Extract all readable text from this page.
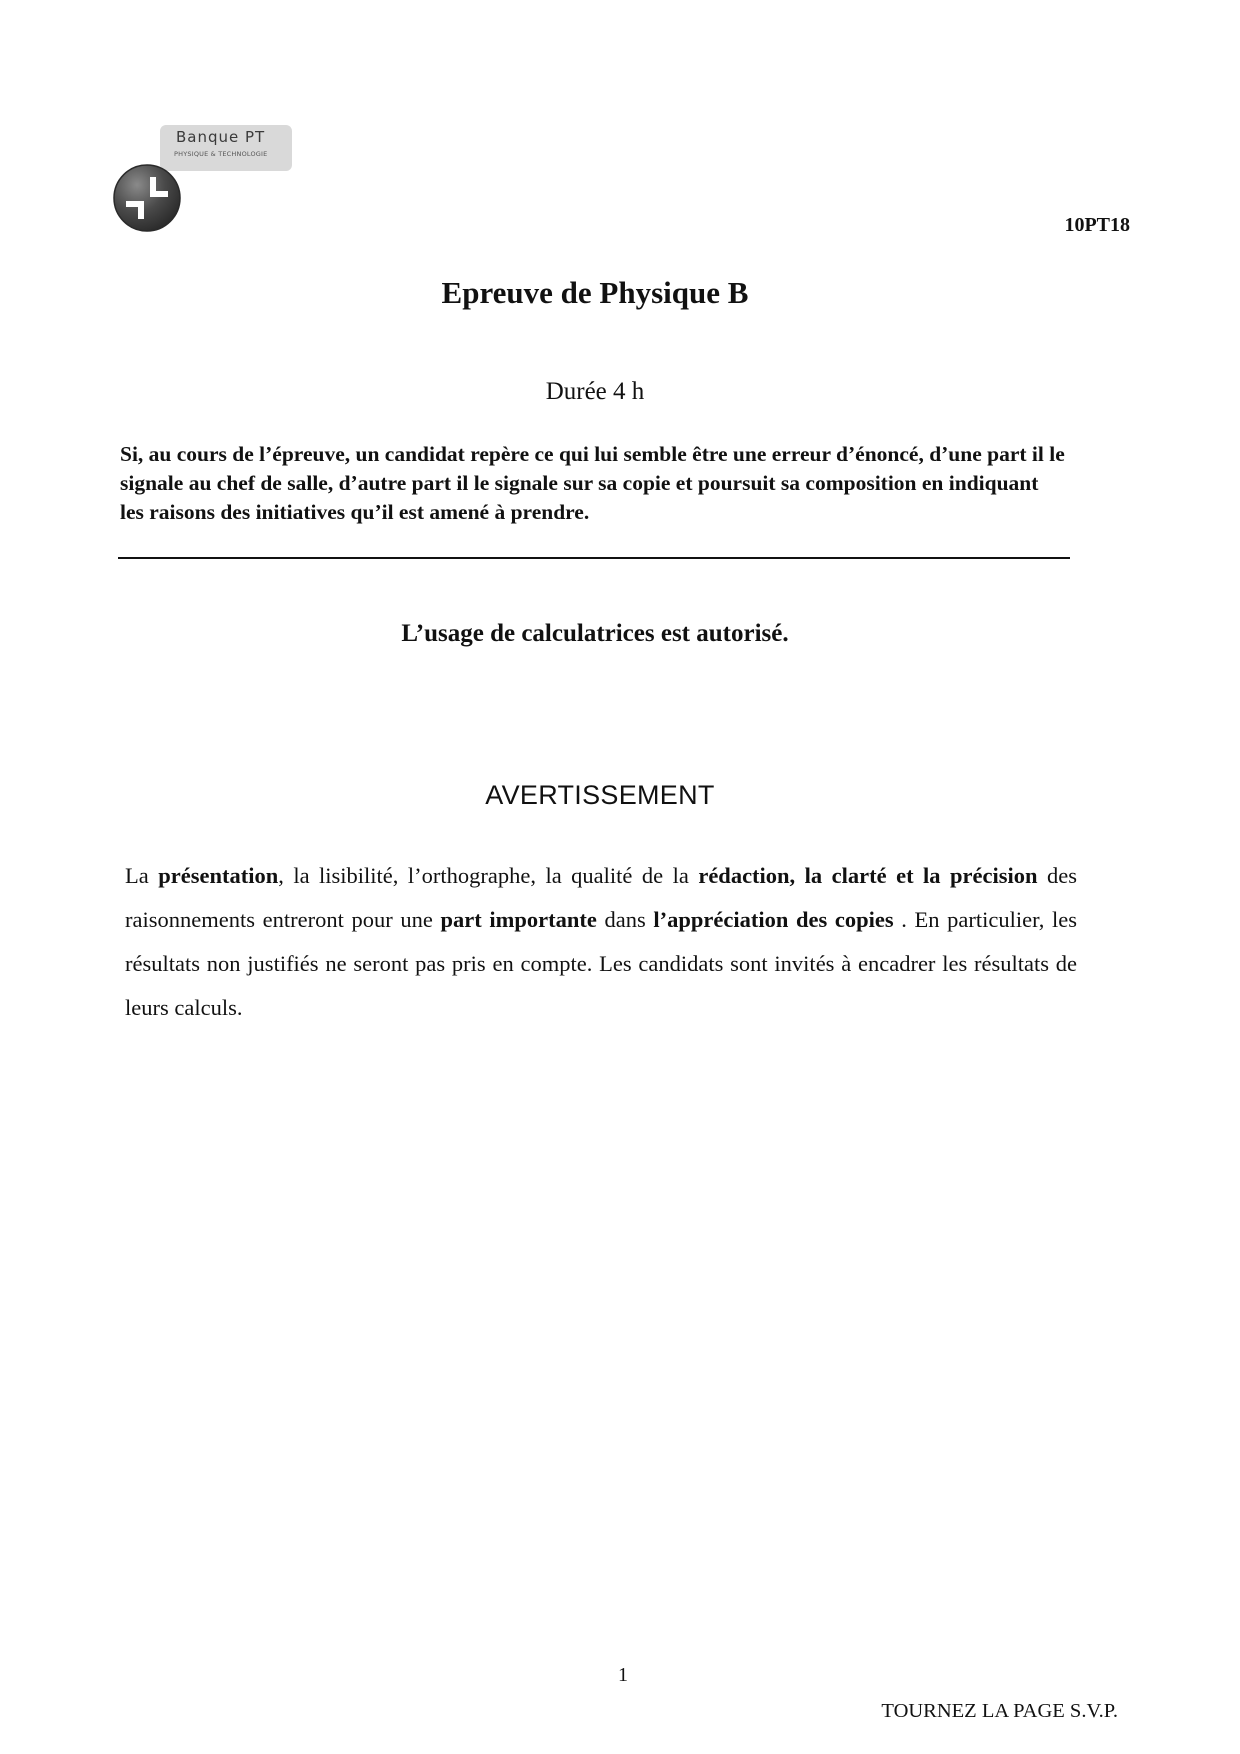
Banque PT
PHYSIQUE & TECHNOLOGIE
10PT18
Epreuve de Physique B
Durée 4 h

Si, au cours de l’épreuve, un candidat repère ce qui lui semble être une erreur d’énoncé, d’une part il le signale au chef de salle, d’autre part il le signale sur sa copie et poursuit sa composition en indiquant les raisons des initiatives qu’il est amené à prendre.

L’usage de calculatrices est autorisé.
AVERTISSEMENT

La présentation, la lisibilité, l’orthographe, la qualité de la rédaction, la clarté et la précision des raisonnements entreront pour une part importante dans l’appréciation des copies . En particulier, les résultats non justifiés ne seront pas pris en compte. Les candidats sont invités à encadrer les résultats de leurs calculs.

1
TOURNEZ LA PAGE S.V.P.
